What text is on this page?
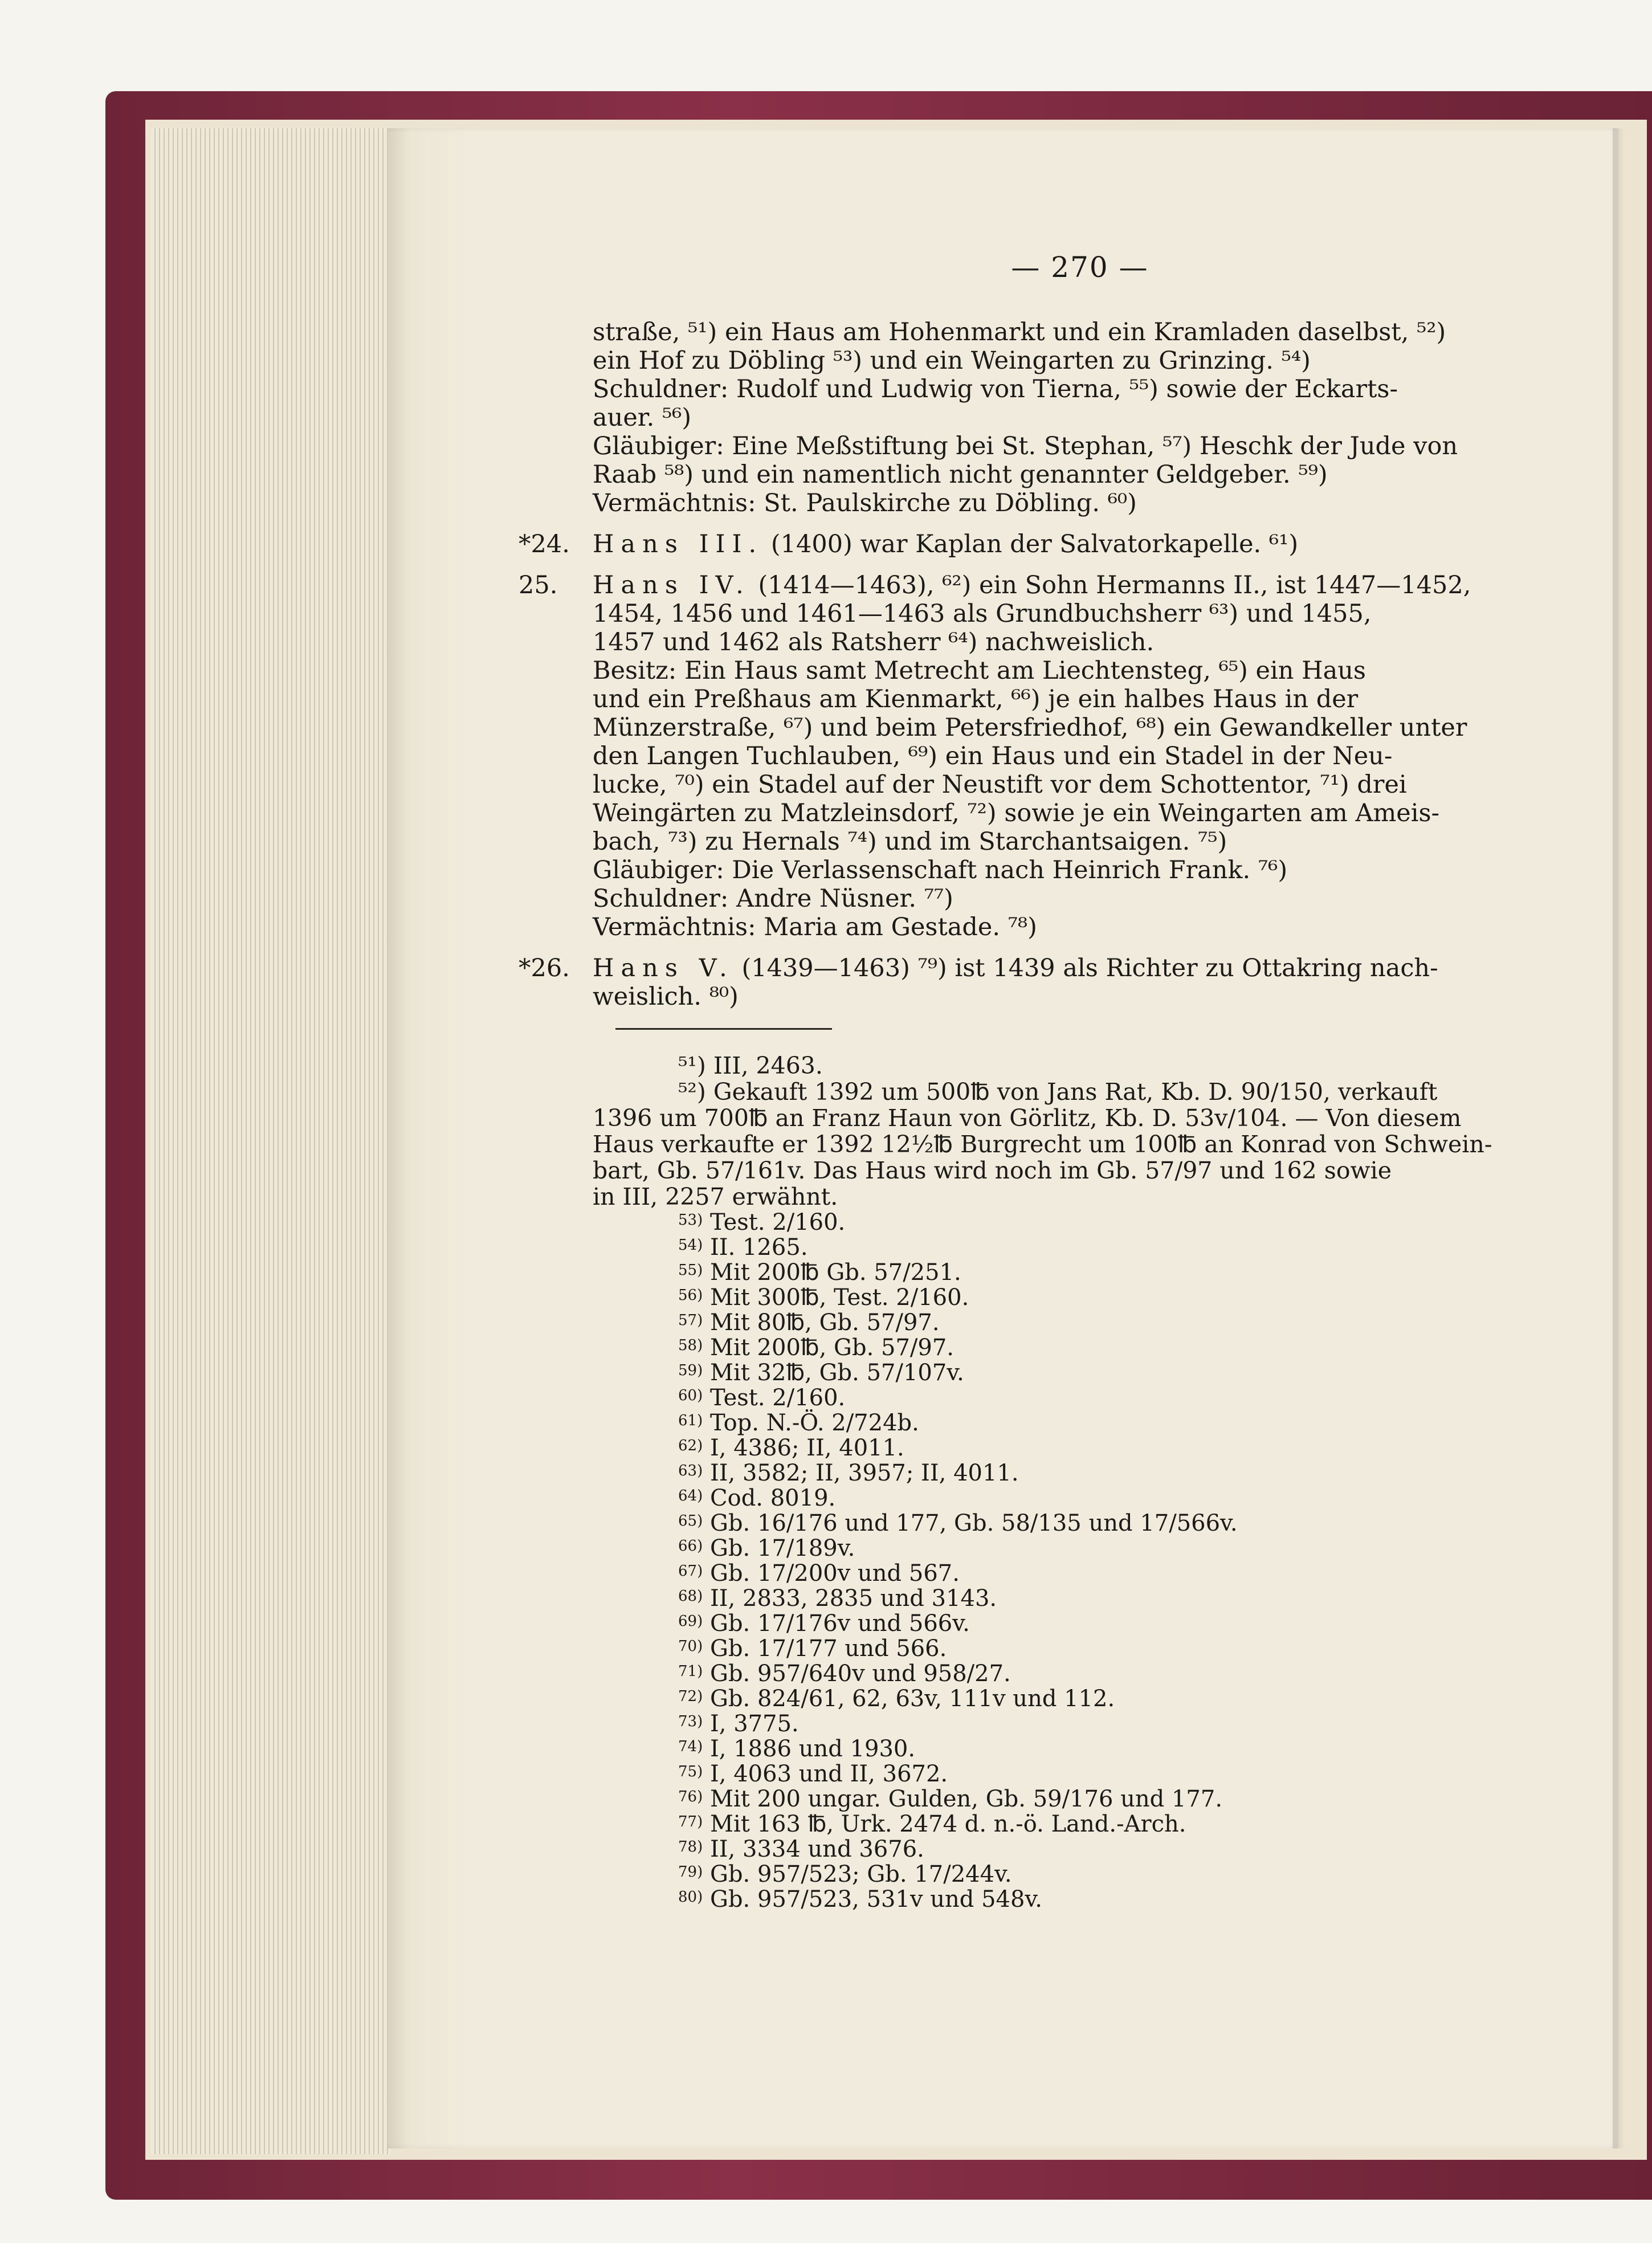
— 270 —
straße, ⁵¹) ein Haus am Hohenmarkt und ein Kramladen daselbst, ⁵²)
ein Hof zu Döbling ⁵³) und ein Weingarten zu Grinzing. ⁵⁴)
Schuldner: Rudolf und Ludwig von Tierna, ⁵⁵) sowie der Eckarts-
auer. ⁵⁶)
Gläubiger: Eine Meßstiftung bei St. Stephan, ⁵⁷) Heschk der Jude von
Raab ⁵⁸) und ein namentlich nicht genannter Geldgeber. ⁵⁹)
Vermächtnis: St. Paulskirche zu Döbling. ⁶⁰)
*24. Hans III. (1400) war Kaplan der Salvatorkapelle. ⁶¹)
25. Hans IV. (1414—1463), ⁶²) ein Sohn Hermanns II., ist 1447—1452,
1454, 1456 und 1461—1463 als Grundbuchsherr ⁶³) und 1455,
1457 und 1462 als Ratsherr ⁶⁴) nachweislich.
Besitz: Ein Haus samt Metrecht am Liechtensteg, ⁶⁵) ein Haus
und ein Preßhaus am Kienmarkt, ⁶⁶) je ein halbes Haus in der
Münzerstraße, ⁶⁷) und beim Petersfriedhof, ⁶⁸) ein Gewandkeller unter
den Langen Tuchlauben, ⁶⁹) ein Haus und ein Stadel in der Neu-
lucke, ⁷⁰) ein Stadel auf der Neustift vor dem Schottentor, ⁷¹) drei
Weingärten zu Matzleinsdorf, ⁷²) sowie je ein Weingarten am Ameis-
bach, ⁷³) zu Hernals ⁷⁴) und im Starchantsaigen. ⁷⁵)
Gläubiger: Die Verlassenschaft nach Heinrich Frank. ⁷⁶)
Schuldner: Andre Nüsner. ⁷⁷)
Vermächtnis: Maria am Gestade. ⁷⁸)
*26. Hans V. (1439—1463) ⁷⁹) ist 1439 als Richter zu Ottakring nach-
weislich. ⁸⁰)
⁵¹) III, 2463.
⁵²) Gekauft 1392 um 500℔ von Jans Rat, Kb. D. 90/150, verkauft
1396 um 700℔ an Franz Haun von Görlitz, Kb. D. 53v/104. — Von diesem
Haus verkaufte er 1392 12½℔ Burgrecht um 100℔ an Konrad von Schwein-
bart, Gb. 57/161v. Das Haus wird noch im Gb. 57/97 und 162 sowie
in III, 2257 erwähnt.
53) Test. 2/160.
54) II. 1265.
55) Mit 200℔ Gb. 57/251.
56) Mit 300℔, Test. 2/160.
57) Mit 80℔, Gb. 57/97.
58) Mit 200℔, Gb. 57/97.
59) Mit 32℔, Gb. 57/107v.
60) Test. 2/160.
61) Top. N.-Ö. 2/724b.
62) I, 4386; II, 4011.
63) II, 3582; II, 3957; II, 4011.
64) Cod. 8019.
65) Gb. 16/176 und 177, Gb. 58/135 und 17/566v.
66) Gb. 17/189v.
67) Gb. 17/200v und 567.
68) II, 2833, 2835 und 3143.
69) Gb. 17/176v und 566v.
70) Gb. 17/177 und 566.
71) Gb. 957/640v und 958/27.
72) Gb. 824/61, 62, 63v, 111v und 112.
73) I, 3775.
74) I, 1886 und 1930.
75) I, 4063 und II, 3672.
76) Mit 200 ungar. Gulden, Gb. 59/176 und 177.
77) Mit 163 ℔, Urk. 2474 d. n.-ö. Land.-Arch.
78) II, 3334 und 3676.
79) Gb. 957/523; Gb. 17/244v.
80) Gb. 957/523, 531v und 548v.
